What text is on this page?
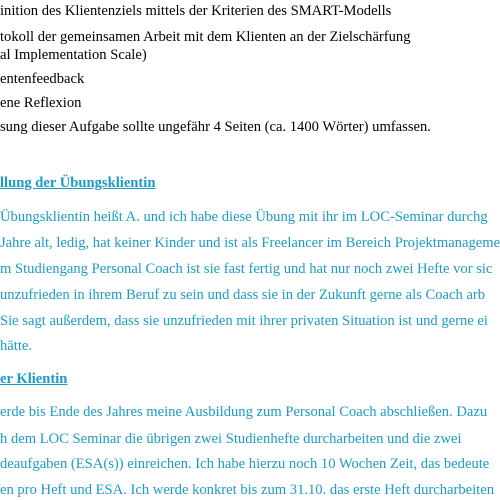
inition des Klientenziels mittels der Kriterien des SMART-Modells
tokoll der gemeinsamen Arbeit mit dem Klienten an der Zielschärfung
al Implementation Scale)
entenfeedback
ene Reflexion
sung dieser Aufgabe sollte ungefähr 4 Seiten (ca. 1400 Wörter) umfassen.
llung der Übungsklientin
Übungsklientin heißt A. und ich habe diese Übung mit ihr im LOC-Seminar durchg
Jahre alt, ledig, hat keiner Kinder und ist als Freelancer im Bereich Projektmanageme
m Studiengang Personal Coach ist sie fast fertig und hat nur noch zwei Hefte vor sic
unzufrieden in ihrem Beruf zu sein und dass sie in der Zukunft gerne als Coach arb
Sie sagt außerdem, dass sie unzufrieden mit ihrer privaten Situation ist und gerne ei
hätte.
er Klientin
erde bis Ende des Jahres meine Ausbildung zum Personal Coach abschließen. Dazu
h dem LOC Seminar die übrigen zwei Studienhefte durcharbeiten und die zwei
deaufgaben (ESA(s)) einreichen. Ich habe hierzu noch 10 Wochen Zeit, das bedeute
en pro Heft und ESA. Ich werde konkret bis zum 31.10. das erste Heft durcharbeiten
